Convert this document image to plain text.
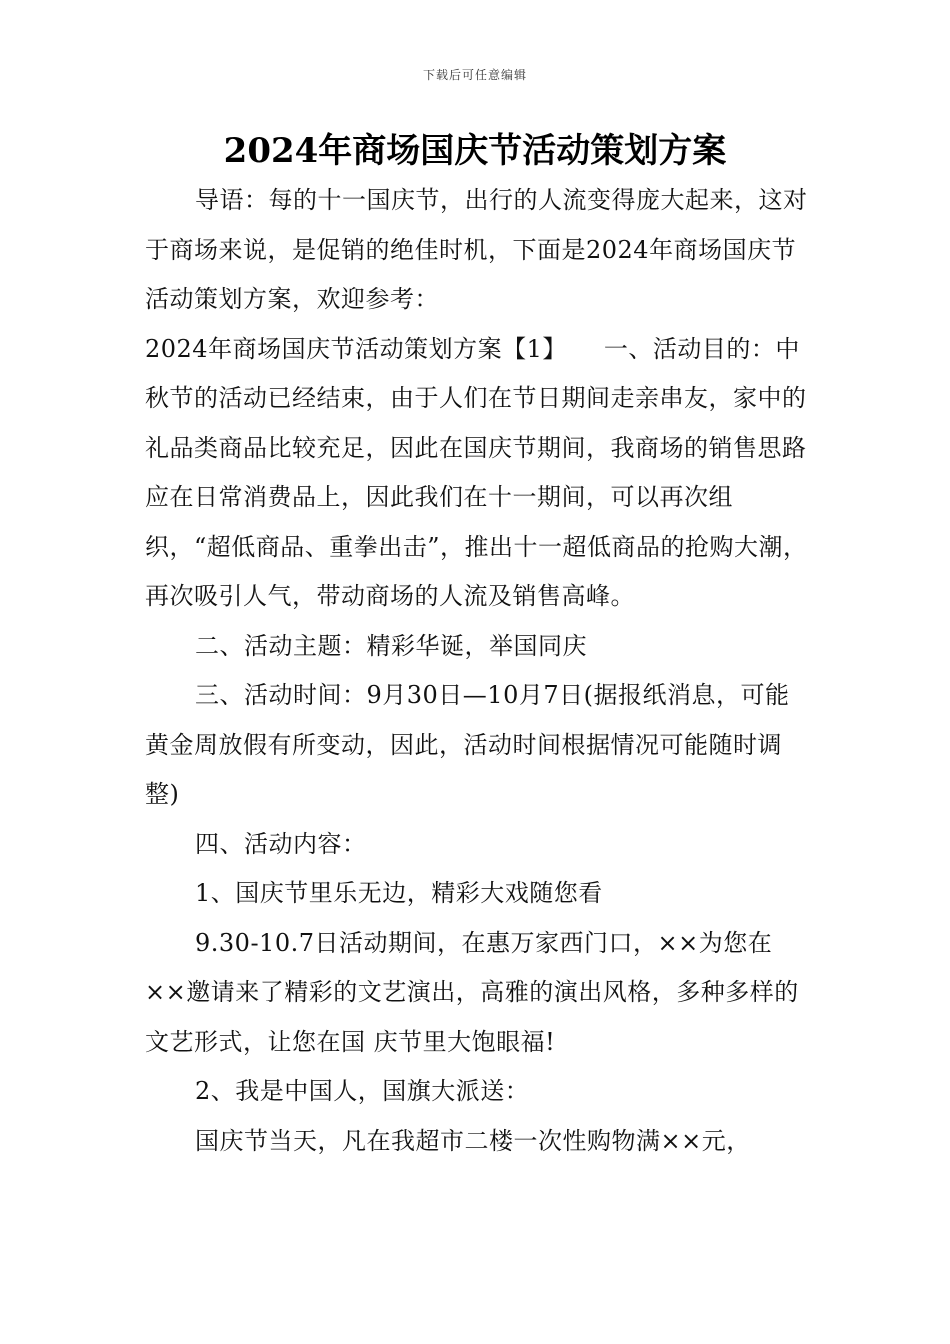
下载后可任意编辑
2024年商场国庆节活动策划方案

导语：每的十一国庆节，出行的人流变得庞大起来，这对于商场来说，是促销的绝佳时机，下面是2024年商场国庆节活动策划方案，欢迎参考：

2024年商场国庆节活动策划方案【1】　　一、活动目的：中秋节的活动已经结束，由于人们在节日期间走亲串友，家中的礼品类商品比较充足，因此在国庆节期间，我商场的销售思路应在日常消费品上，因此我们在十一期间，可以再次组织，“超低商品、重拳出击”，推出十一超低商品的抢购大潮，再次吸引人气，带动商场的人流及销售高峰。

二、活动主题：精彩华诞，举国同庆

三、活动时间：9月30日—10月7日(据报纸消息，可能黄金周放假有所变动，因此，活动时间根据情况可能随时调整)

四、活动内容：

1、国庆节里乐无边，精彩大戏随您看

9.30-10.7日活动期间，在惠万家西门口，××为您在××邀请来了精彩的文艺演出，高雅的演出风格，多种多样的文艺形式，让您在国 庆节里大饱眼福!

2、我是中国人，国旗大派送：

国庆节当天，凡在我超市二楼一次性购物满××元，
